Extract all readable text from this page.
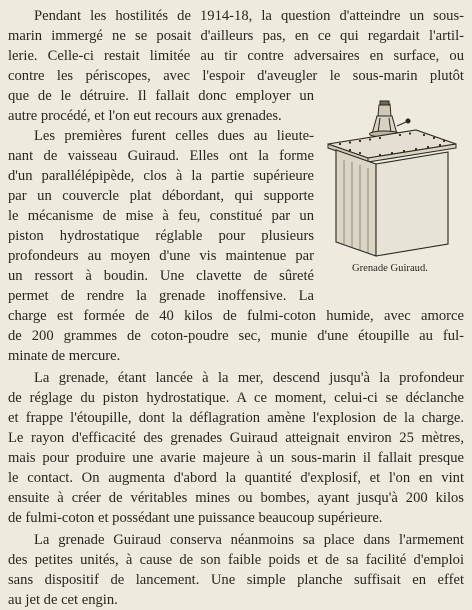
Pendant les hostilités de 1914-18, la question d'atteindre un sous-
marin immergé ne se posait d'ailleurs pas, en ce qui regardait l'artil-
lerie. Celle-ci restait limitée au tir contre adversaires en surface, ou
contre les périscopes, avec l'espoir d'aveugler le sous-marin plutôt
que de le détruire. Il fallait donc employer un
autre procédé, et l'on eut recours aux grenades.
Les premières furent celles dues au lieute-
nant de vaisseau Guiraud. Elles ont la forme
d'un parallélépipède, clos à la partie supérieure
par un couvercle plat débordant, qui supporte
le mécanisme de mise à feu, constitué par un
piston hydrostatique réglable pour plusieurs
profondeurs au moyen d'une vis maintenue par
un ressort à boudin. Une clavette de sûreté
permet de rendre la grenade inoffensive. La
charge est formée de 40 kilos de fulmi-coton humide, avec amorce
de 200 grammes de coton-poudre sec, munie d'une étoupille au ful-
minate de mercure.
La grenade, étant lancée à la mer, descend jusqu'à la profondeur
de réglage du piston hydrostatique. A ce moment, celui-ci se déclanche
et frappe l'étoupille, dont la déflagration amène l'explosion de la charge.
Le rayon d'efficacité des grenades Guiraud atteignait environ 25 mètres,
mais pour produire une avarie majeure à un sous-marin il fallait presque
le contact. On augmenta d'abord la quantité d'explosif, et l'on en vint
ensuite à créer de véritables mines ou bombes, ayant jusqu'à 200 kilos
de fulmi-coton et possédant une puissance beaucoup supérieure.
La grenade Guiraud conserva néanmoins sa place dans l'armement
des petites unités, à cause de son faible poids et de sa facilité d'emploi
sans dispositif de lancement. Une simple planche suffisait en effet
au jet de cet engin.
Grenade Guiraud.
